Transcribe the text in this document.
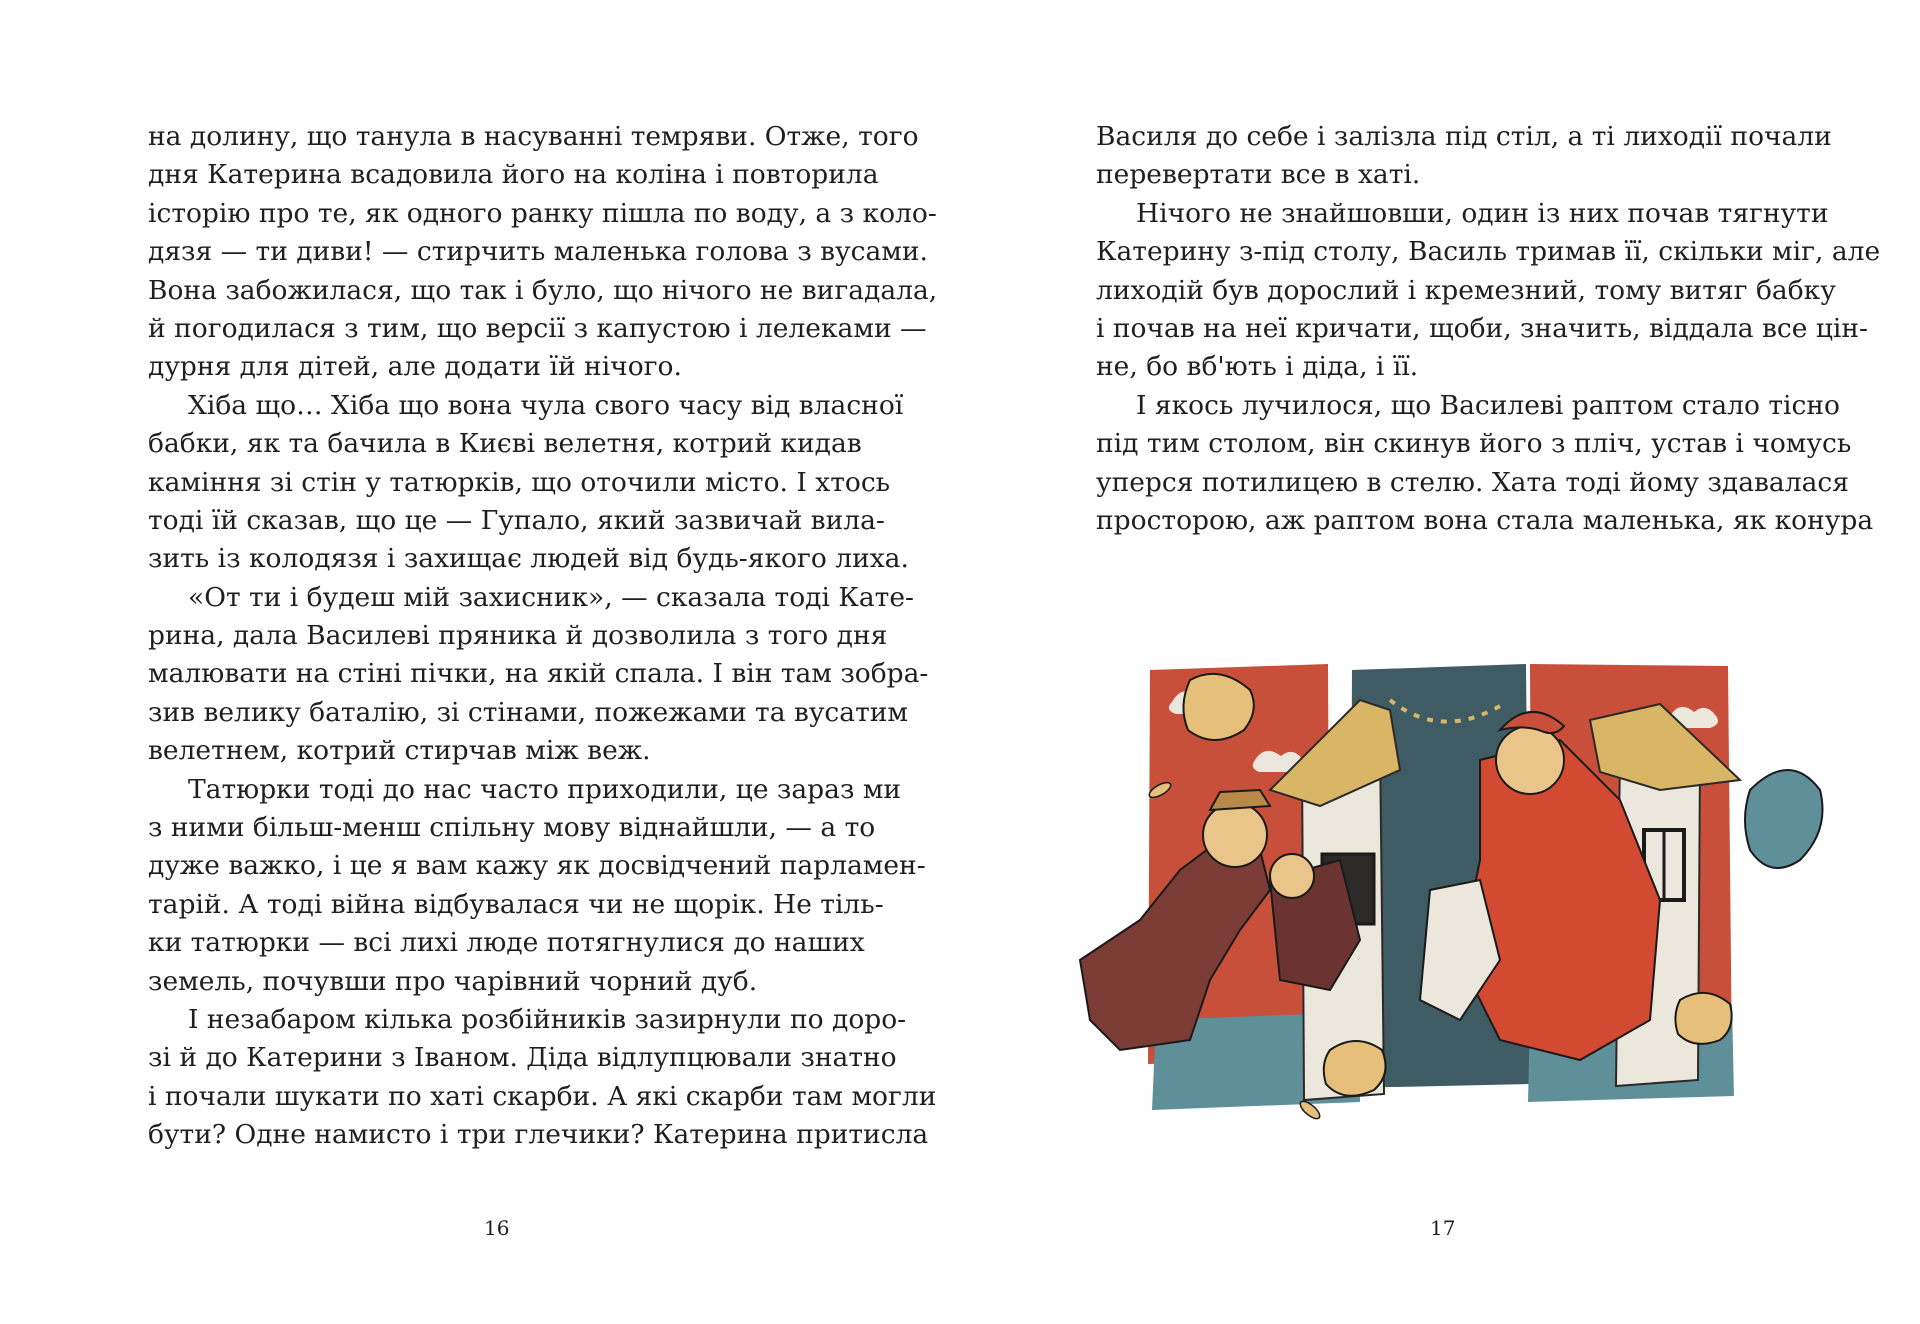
на долину, що танула в насуванні темряви. Отже, того
дня Катерина всадовила його на коліна і повторила
історію про те, як одного ранку пішла по воду, а з коло-
дязя — ти диви! — стирчить маленька голова з вусами.
Вона забожилася, що так і було, що нічого не вигадала,
й погодилася з тим, що версії з капустою і лелеками —
дурня для дітей, але додати їй нічого.
Хіба що… Хіба що вона чула свого часу від власної
бабки, як та бачила в Києві велетня, котрий кидав
каміння зі стін у татюрків, що оточили місто. І хтось
тоді їй сказав, що це — Гупало, який зазвичай вила-
зить із колодязя і захищає людей від будь-якого лиха.
«От ти і будеш мій захисник», — сказала тоді Кате-
рина, дала Василеві пряника й дозволила з того дня
малювати на стіні пічки, на якій спала. І він там зобра-
зив велику баталію, зі стінами, пожежами та вусатим
велетнем, котрий стирчав між веж.
Татюрки тоді до нас часто приходили, це зараз ми
з ними більш-менш спільну мову віднайшли, — а то
дуже важко, і це я вам кажу як досвідчений парламен-
тарій. А тоді війна відбувалася чи не щорік. Не тіль-
ки татюрки — всі лихі люде потягнулися до наших
земель, почувши про чарівний чорний дуб.
І незабаром кілька розбійників зазирнули по доро-
зі й до Катерини з Іваном. Діда відлупцювали знатно
і почали шукати по хаті скарби. А які скарби там могли
бути? Одне намисто і три глечики? Катерина притисла
16
Василя до себе і залізла під стіл, а ті лиходії почали
перевертати все в хаті.
Нічого не знайшовши, один із них почав тягнути
Катерину з-під столу, Василь тримав її, скільки міг, але
лиходій був дорослий і кремезний, тому витяг бабку
і почав на неї кричати, щоби, значить, віддала все цін-
не, бо вб'ють і діда, і її.
І якось лучилося, що Василеві раптом стало тісно
під тим столом, він скинув його з пліч, устав і чомусь
уперся потилицею в стелю. Хата тоді йому здавалася
просторою, аж раптом вона стала маленька, як конура
17
